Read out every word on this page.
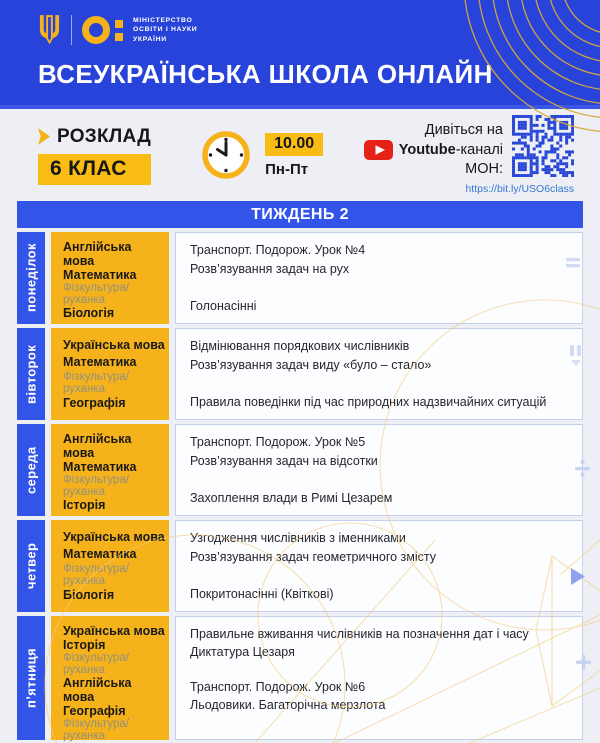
МІНІСТЕРСТВО
ОСВІТИ І НАУКИ
УКРАЇНИ
ВСЕУКРАЇНСЬКА ШКОЛА ОНЛАЙН
РОЗКЛАД
6 КЛАС
10.00
Пн-Пт
Дивіться на
Youtube-каналі
МОН:
https://bit.ly/USO6class
ТИЖДЕНЬ 2
понеділок	Англійська мова
Математика
Фізкультура/руханка
Біологія
Транспорт. Подорож. Урок №4
Розв’язування задач на рух
Голонасінні
вівторок	Українська мова
Математика
Фізкультура/руханка
Географія
Відмінювання порядкових числівників
Розв’язування задач виду «було – стало»
Правила поведінки під час природних надзвичайних ситуацій
середа
Англійська мова
Математика
Фізкультура/руханка
Історія
Транспорт. Подорож. Урок №5
Розв’язування задач на відсотки
Захоплення влади в Римі Цезарем
четвер
Українська мова
Математика
Фізкультура/руханка
Біологія
Узгодження числівників з іменниками
Розв’язування задач геометричного змісту
Покритонасінні (Квіткові)
п’ятниця
Українська мова
Історія
Фізкультура/руханка
Англійська мова
Географія
Фізкультура/руханка
Правильне вживання числівників на позначення дат і часу
Диктатура Цезаря
Транспорт. Подорож. Урок №6
Льодовики. Багаторічна мерзлота
